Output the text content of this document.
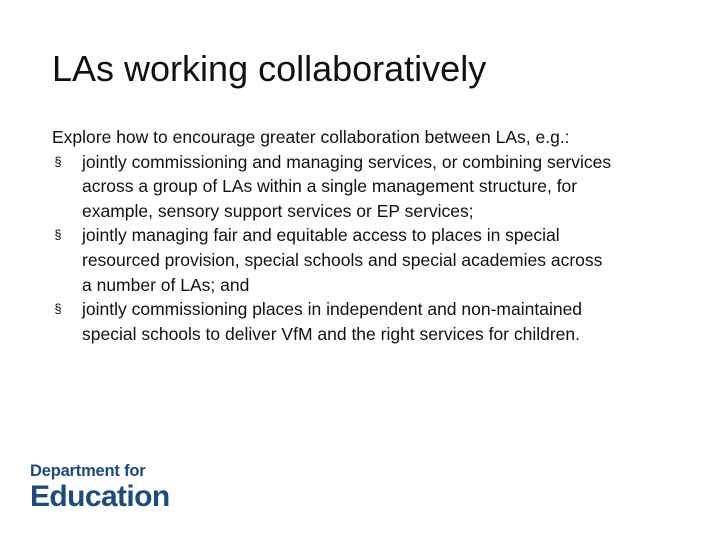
LAs working collaboratively

Explore how to encourage greater collaboration between LAs, e.g.:

§ jointly commissioning and managing services, or combining services
across a group of LAs within a single management structure, for
example, sensory support services or EP services;
§ jointly managing fair and equitable access to places in special
resourced provision, special schools and special academies across
a number of LAs; and
§ jointly commissioning places in independent and non-maintained
special schools to deliver VfM and the right services for children.
Department for
Education
